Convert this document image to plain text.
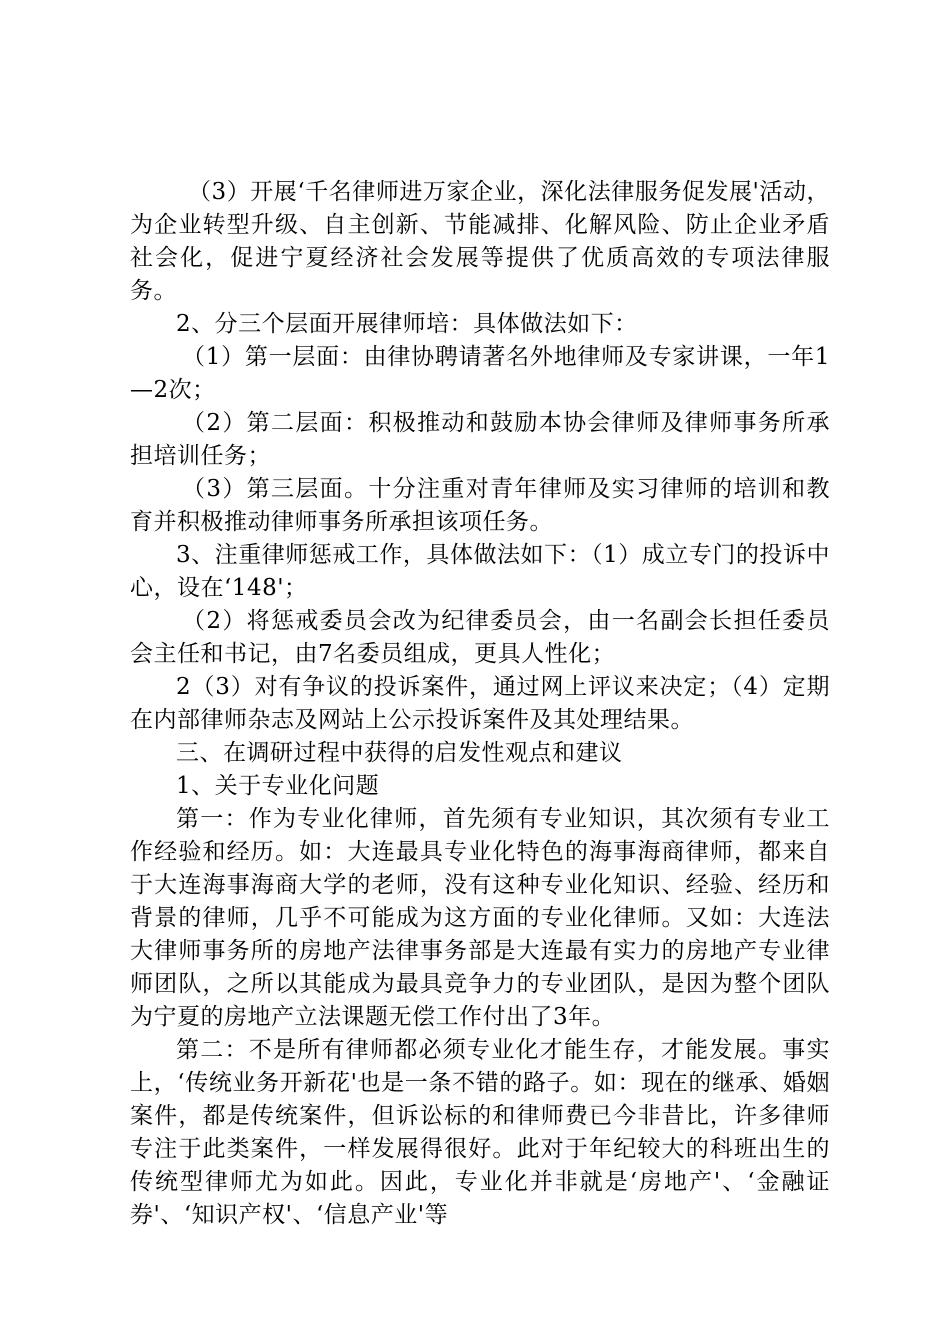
（3）开展‘千名律师进万家企业，深化法律服务促发展'活动，为企业转型升级、自主创新、节能减排、化解风险、防止企业矛盾社会化，促进宁夏经济社会发展等提供了优质高效的专项法律服务。

2、分三个层面开展律师培：具体做法如下：

（1）第一层面：由律协聘请著名外地律师及专家讲课，一年1—2次；

（2）第二层面：积极推动和鼓励本协会律师及律师事务所承担培训任务；

（3）第三层面。十分注重对青年律师及实习律师的培训和教育并积极推动律师事务所承担该项任务。

3、注重律师惩戒工作，具体做法如下：（1）成立专门的投诉中心，设在‘148'；

（2）将惩戒委员会改为纪律委员会，由一名副会长担任委员会主任和书记，由7名委员组成，更具人性化；

2（3）对有争议的投诉案件，通过网上评议来决定；（4）定期在内部律师杂志及网站上公示投诉案件及其处理结果。

三、在调研过程中获得的启发性观点和建议

1、关于专业化问题

第一：作为专业化律师，首先须有专业知识，其次须有专业工作经验和经历。如：大连最具专业化特色的海事海商律师，都来自于大连海事海商大学的老师，没有这种专业化知识、经验、经历和背景的律师，几乎不可能成为这方面的专业化律师。又如：大连法大律师事务所的房地产法律事务部是大连最有实力的房地产专业律师团队，之所以其能成为最具竞争力的专业团队，是因为整个团队为宁夏的房地产立法课题无偿工作付出了3年。

第二：不是所有律师都必须专业化才能生存，才能发展。事实上，‘传统业务开新花'也是一条不错的路子。如：现在的继承、婚姻案件，都是传统案件，但诉讼标的和律师费已今非昔比，许多律师专注于此类案件，一样发展得很好。此对于年纪较大的科班出生的传统型律师尤为如此。因此，专业化并非就是‘房地产'、‘金融证券'、‘知识产权'、‘信息产业'等
